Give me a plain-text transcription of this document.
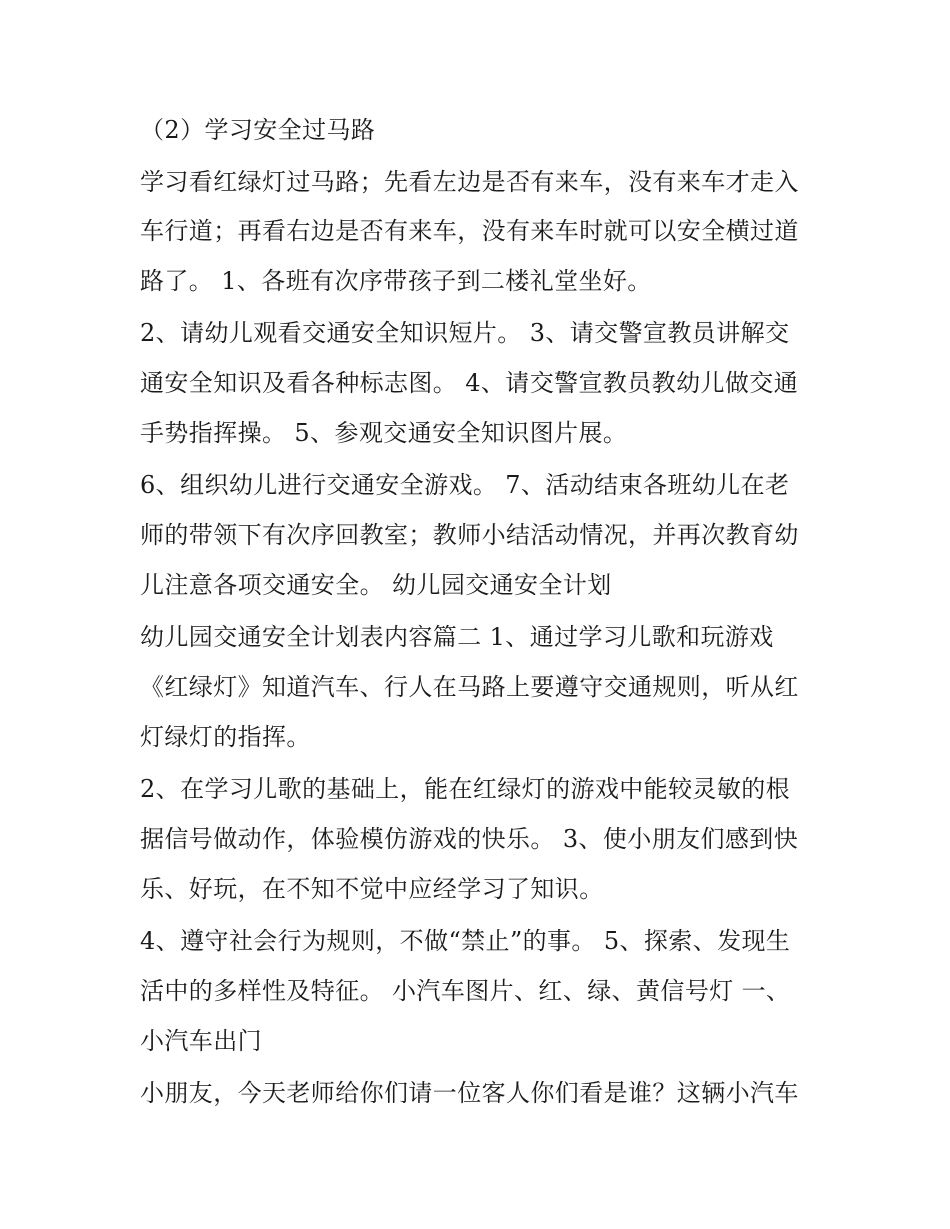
（2）学习安全过马路
学习看红绿灯过马路；先看左边是否有来车，没有来车才走入
车行道；再看右边是否有来车，没有来车时就可以安全横过道
路了。 1、各班有次序带孩子到二楼礼堂坐好。
2、请幼儿观看交通安全知识短片。 3、请交警宣教员讲解交
通安全知识及看各种标志图。 4、请交警宣教员教幼儿做交通
手势指挥操。 5、参观交通安全知识图片展。
6、组织幼儿进行交通安全游戏。 7、活动结束各班幼儿在老
师的带领下有次序回教室；教师小结活动情况，并再次教育幼
儿注意各项交通安全。 幼儿园交通安全计划
幼儿园交通安全计划表内容篇二 1、通过学习儿歌和玩游戏
《红绿灯》知道汽车、行人在马路上要遵守交通规则，听从红
灯绿灯的指挥。
2、在学习儿歌的基础上，能在红绿灯的游戏中能较灵敏的根
据信号做动作，体验模仿游戏的快乐。 3、使小朋友们感到快
乐、好玩，在不知不觉中应经学习了知识。
4、遵守社会行为规则，不做“禁止”的事。 5、探索、发现生
活中的多样性及特征。 小汽车图片、红、绿、黄信号灯 一、
小汽车出门
小朋友，今天老师给你们请一位客人你们看是谁？这辆小汽车
